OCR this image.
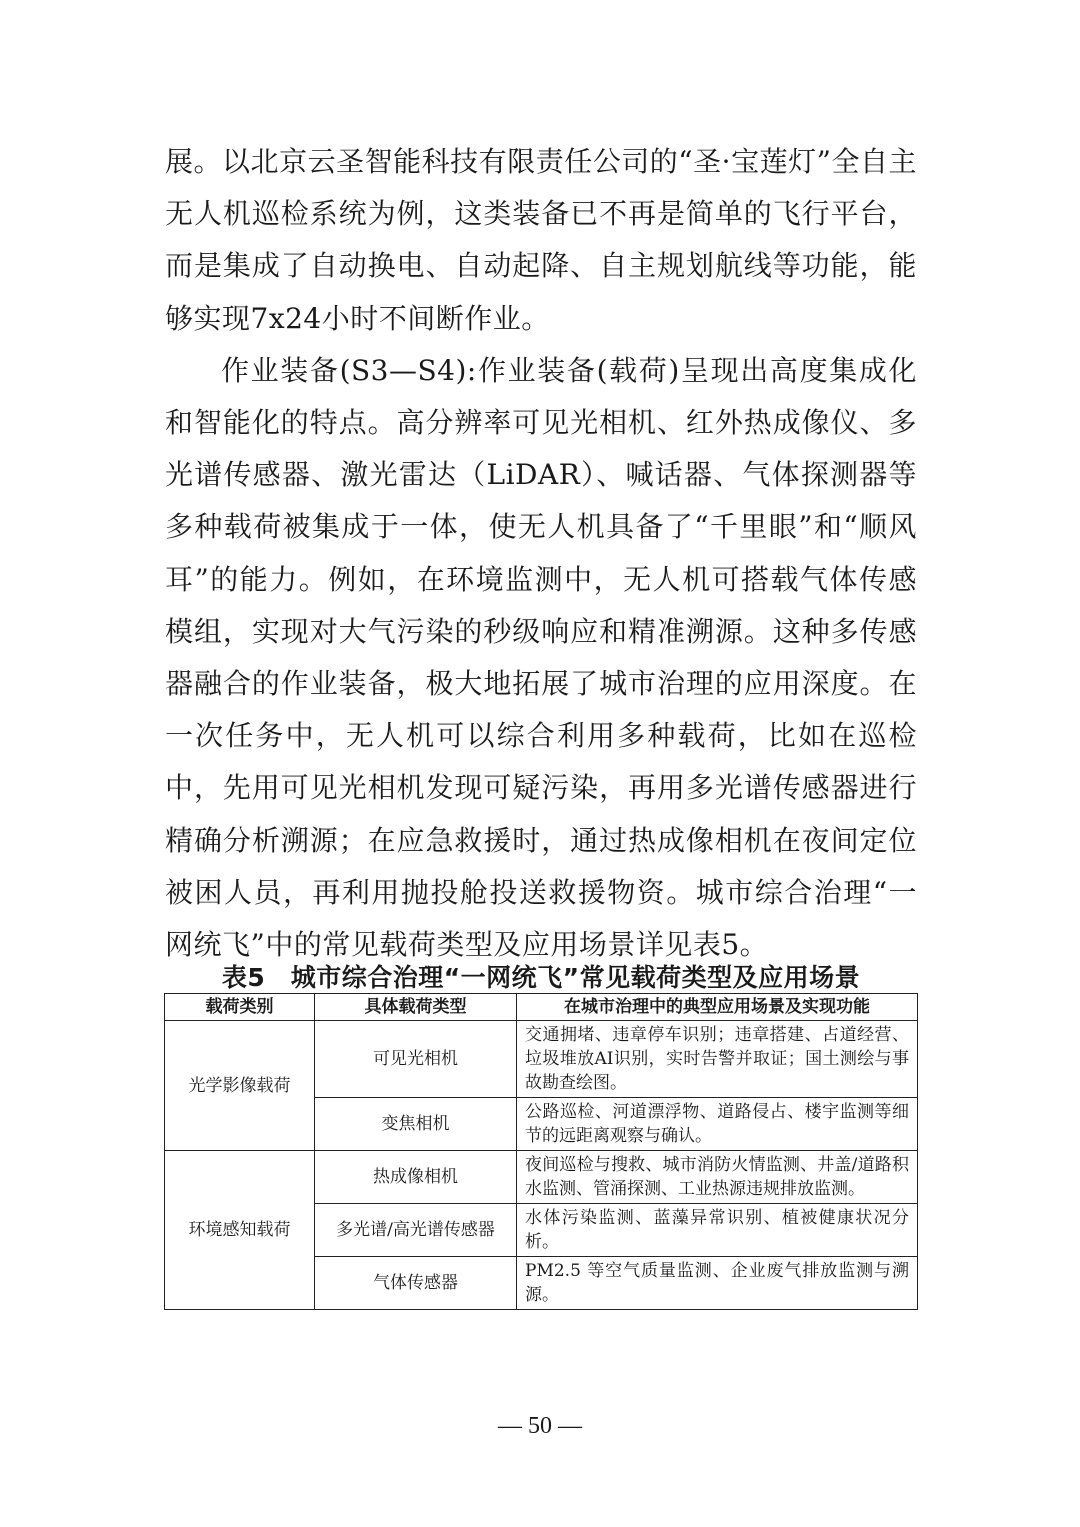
展。以北京云圣智能科技有限责任公司的“圣·宝莲灯”全自主无人机巡检系统为例，这类装备已不再是简单的飞行平台，而是集成了自动换电、自动起降、自主规划航线等功能，能够实现7x24小时不间断作业。

作业装备(S3—S4):作业装备(载荷)呈现出高度集成化和智能化的特点。高分辨率可见光相机、红外热成像仪、多光谱传感器、激光雷达（LiDAR）、喊话器、气体探测器等多种载荷被集成于一体，使无人机具备了“千里眼”和“顺风耳”的能力。例如，在环境监测中，无人机可搭载气体传感模组，实现对大气污染的秒级响应和精准溯源。这种多传感器融合的作业装备，极大地拓展了城市治理的应用深度。在一次任务中，无人机可以综合利用多种载荷，比如在巡检中，先用可见光相机发现可疑污染，再用多光谱传感器进行精确分析溯源；在应急救援时，通过热成像相机在夜间定位被困人员，再利用抛投舱投送救援物资。城市综合治理“一网统飞”中的常见载荷类型及应用场景详见表5。

表5　城市综合治理“一网统飞”常见载荷类型及应用场景
载荷类别	具体载荷类型	在城市治理中的典型应用场景及实现功能
光学影像载荷	可见光相机	交通拥堵、违章停车识别；违章搭建、占道经营、垃圾堆放AI识别，实时告警并取证；国土测绘与事故勘查绘图。
	变焦相机	公路巡检、河道漂浮物、道路侵占、楼宇监测等细节的远距离观察与确认。
环境感知载荷	热成像相机	夜间巡检与搜救、城市消防火情监测、井盖/道路积水监测、管涌探测、工业热源违规排放监测。
	多光谱/高光谱传感器	水体污染监测、蓝藻异常识别、植被健康状况分析。
	气体传感器	PM2.5 等空气质量监测、企业废气排放监测与溯源。
— 50 —
